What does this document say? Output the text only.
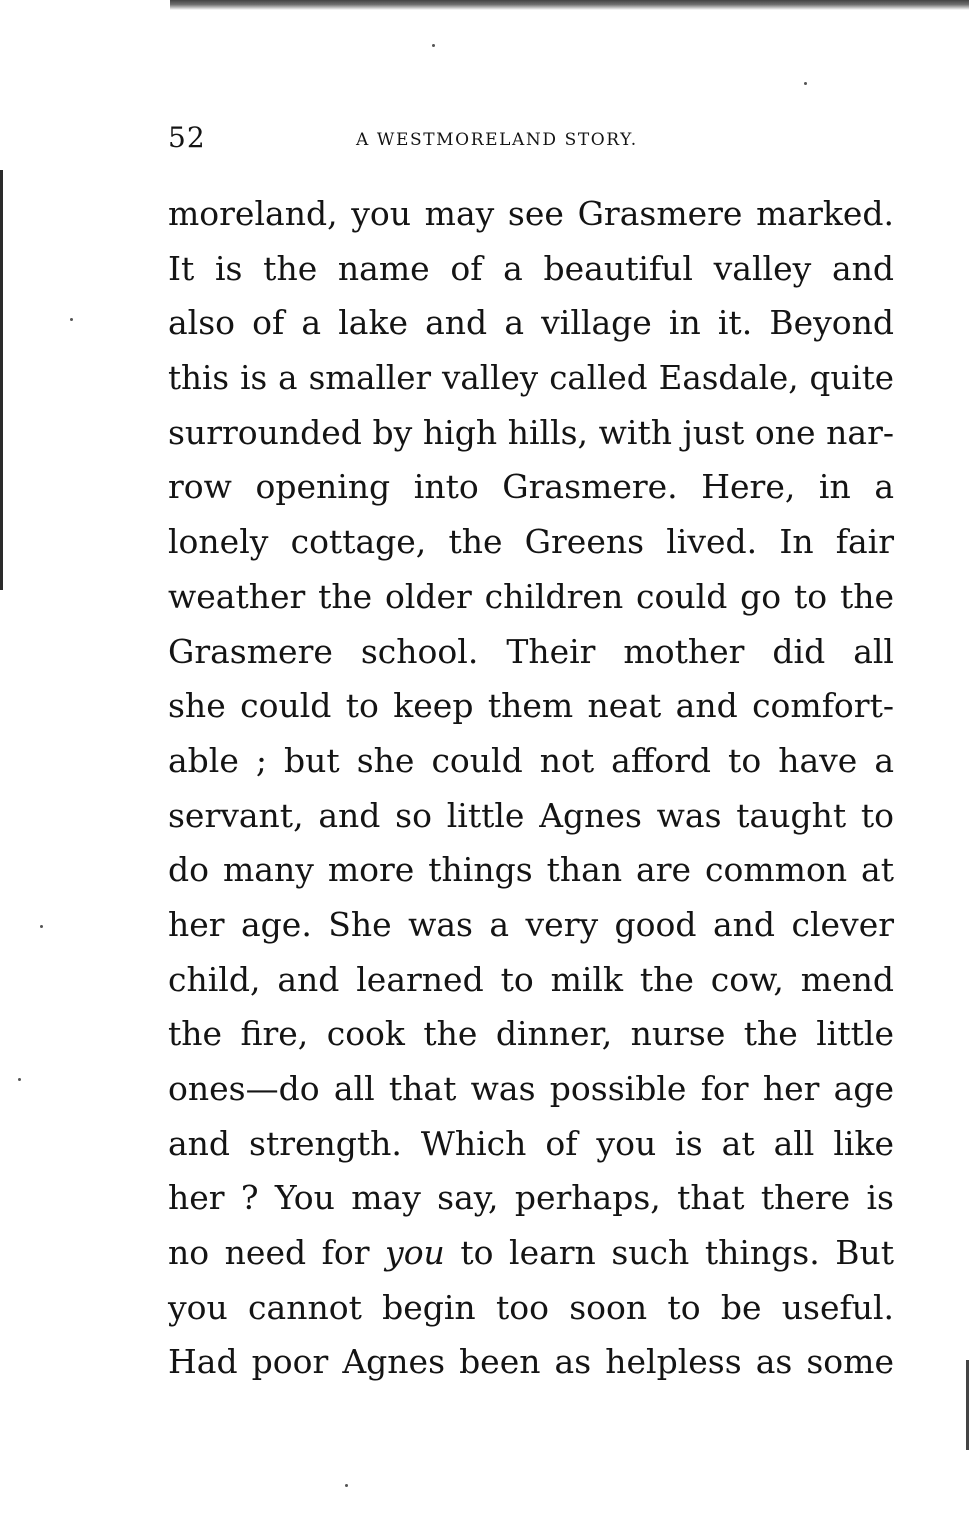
52	A WESTMORELAND STORY.
moreland, you may see Grasmere marked.
It is the name of a beautiful valley and
also of a lake and a village in it. Beyond
this is a smaller valley called Easdale, quite
surrounded by high hills, with just one nar-
row opening into Grasmere. Here, in a
lonely cottage, the Greens lived. In fair
weather the older children could go to the
Grasmere school. Their mother did all
she could to keep them neat and comfort-
able ; but she could not afford to have a
servant, and so little Agnes was taught to
do many more things than are common at
her age. She was a very good and clever
child, and learned to milk the cow, mend
the fire, cook the dinner, nurse the little
ones—do all that was possible for her age
and strength. Which of you is at all like
her ? You may say, perhaps, that there is
no need for you to learn such things. But
you cannot begin too soon to be useful.
Had poor Agnes been as helpless as some
